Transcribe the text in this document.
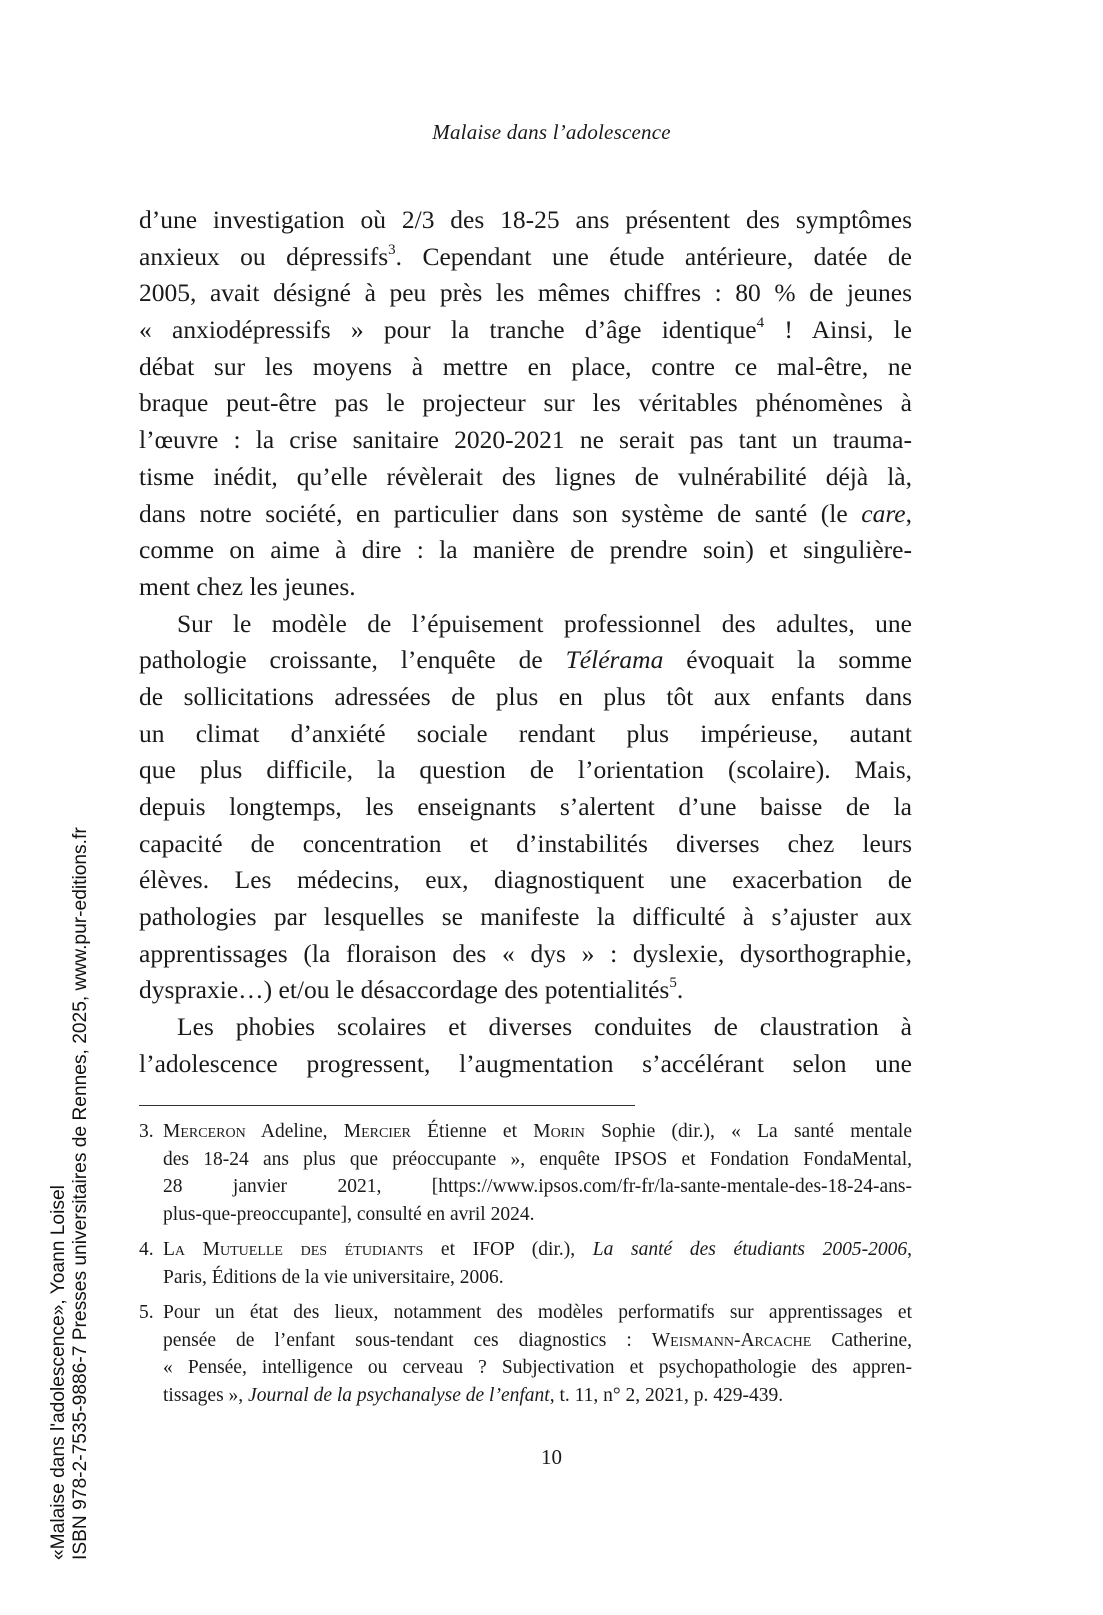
Malaise dans l’adolescence

d’une investigation où 2/3 des 18-25 ans présentent des symptômes
anxieux ou dépressifs$^3$. Cependant une étude antérieure, datée de
2005, avait désigné à peu près les mêmes chiffres : 80 % de jeunes
« anxiodépressifs » pour la tranche d’âge identique$^4$ ! Ainsi, le
débat sur les moyens à mettre en place, contre ce mal-être, ne
braque peut-être pas le projecteur sur les véritables phénomènes à
l’œuvre : la crise sanitaire 2020-2021 ne serait pas tant un trauma-
tisme inédit, qu’elle révèlerait des lignes de vulnérabilité déjà là,
dans notre société, en particulier dans son système de santé (le care,
comme on aime à dire : la manière de prendre soin) et singulière-
ment chez les jeunes.

Sur le modèle de l’épuisement professionnel des adultes, une
pathologie croissante, l’enquête de Télérama évoquait la somme
de sollicitations adressées de plus en plus tôt aux enfants dans
un climat d’anxiété sociale rendant plus impérieuse, autant
que plus difficile, la question de l’orientation (scolaire). Mais,
depuis longtemps, les enseignants s’alertent d’une baisse de la
capacité de concentration et d’instabilités diverses chez leurs
élèves. Les médecins, eux, diagnostiquent une exacerbation de
pathologies par lesquelles se manifeste la difficulté à s’ajuster aux
apprentissages (la floraison des « dys » : dyslexie, dysorthographie,
dyspraxie…) et/ou le désaccordage des potentialités$^5$.

Les phobies scolaires et diverses conduites de claustration à
l’adolescence progressent, l’augmentation s’accélérant selon une

3. Merceron Adeline, Mercier Étienne et Morin Sophie (dir.), « La santé mentale
des 18-24 ans plus que préoccupante », enquête IPSOS et Fondation FondaMental,
28 janvier 2021, [https://www.ipsos.com/fr-fr/la-sante-mentale-des-18-24-ans-
plus-que-preoccupante], consulté en avril 2024.
4. La Mutuelle des étudiants et IFOP (dir.), La santé des étudiants 2005-2006,
Paris, Éditions de la vie universitaire, 2006.
5. Pour un état des lieux, notamment des modèles performatifs sur apprentissages et
pensée de l’enfant sous-tendant ces diagnostics : Weismann-Arcache Catherine,
« Pensée, intelligence ou cerveau ? Subjectivation et psychopathologie des appren-
tissages », Journal de la psychanalyse de l’enfant, t. 11, n° 2, 2021, p. 429-439.
10
«Malaise dans l'adolescence», Yoann Loisel ISBN 978-2-7535-9886-7 Presses universitaires de Rennes, 2025, www.pur-editions.fr
